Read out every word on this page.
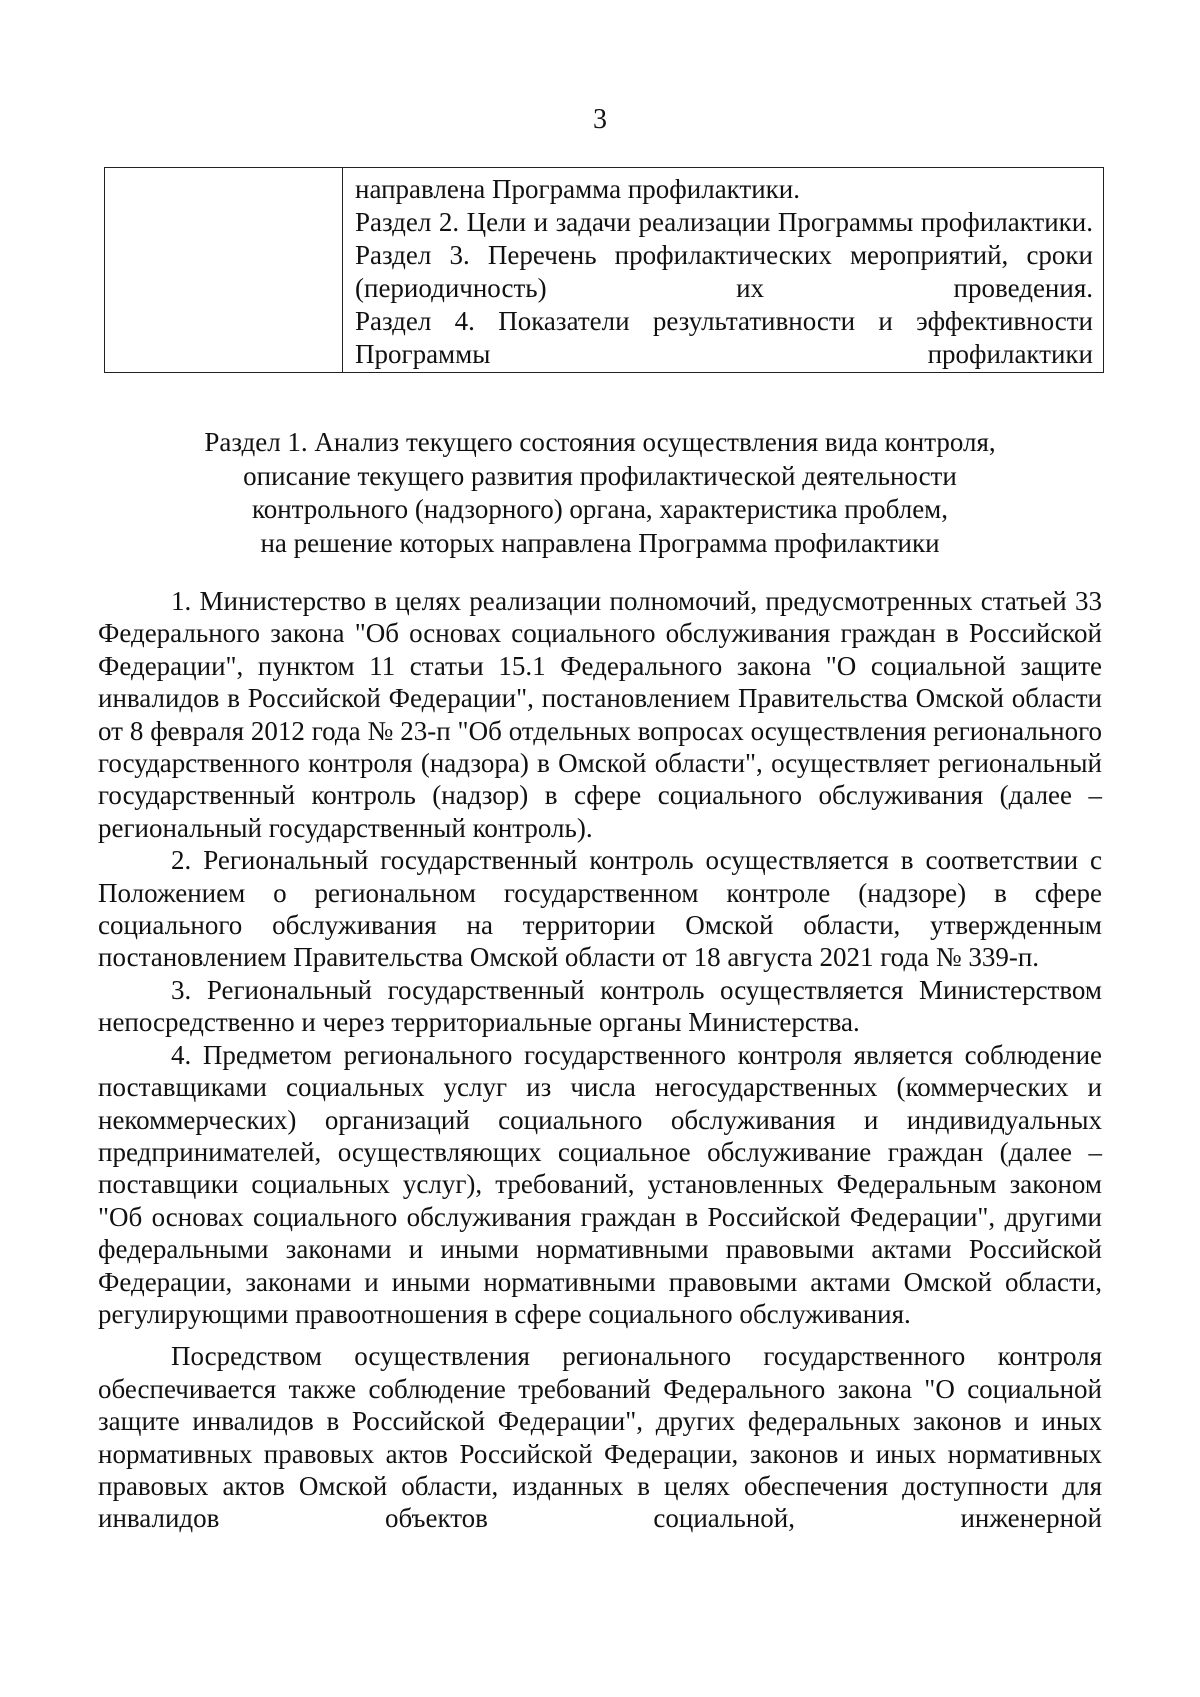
3

направлена Программа профилактики.
Раздел 2. Цели и задачи реализации Программы профилактики.
Раздел 3. Перечень профилактических мероприятий, сроки (периодичность) их проведения.
Раздел 4. Показатели результативности и эффективности Программы профилактики
Раздел 1. Анализ текущего состояния осуществления вида контроля,
описание текущего развития профилактической деятельности
контрольного (надзорного) органа, характеристика проблем,
на решение которых направлена Программа профилактики

1. Министерство в целях реализации полномочий, предусмотренных статьей 33 Федерального закона "Об основах социального обслуживания граждан в Российской Федерации", пунктом 11 статьи 15.1 Федерального закона "О социальной защите инвалидов в Российской Федерации", постановлением Правительства Омской области от 8 февраля 2012 года № 23-п "Об отдельных вопросах осуществления регионального государственного контроля (надзора) в Омской области", осуществляет региональный государственный контроль (надзор) в сфере социального обслуживания (далее – региональный государственный контроль).

2. Региональный государственный контроль осуществляется в соответствии с Положением о региональном государственном контроле (надзоре) в сфере социального обслуживания на территории Омской области, утвержденным постановлением Правительства Омской области от 18 августа 2021 года № 339-п.

3. Региональный государственный контроль осуществляется Министерством непосредственно и через территориальные органы Министерства.

4. Предметом регионального государственного контроля является соблюдение поставщиками социальных услуг из числа негосударственных (коммерческих и некоммерческих) организаций социального обслуживания и индивидуальных предпринимателей, осуществляющих социальное обслуживание граждан (далее – поставщики социальных услуг), требований, установленных Федеральным законом "Об основах социального обслуживания граждан в Российской Федерации", другими федеральными законами и иными нормативными правовыми актами Российской Федерации, законами и иными нормативными правовыми актами Омской области, регулирующими правоотношения в сфере социального обслуживания.

Посредством осуществления регионального государственного контроля обеспечивается также соблюдение требований Федерального закона "О социальной защите инвалидов в Российской Федерации", других федеральных законов и иных нормативных правовых актов Российской Федерации, законов и иных нормативных правовых актов Омской области, изданных в целях обеспечения доступности для инвалидов объектов социальной, инженерной
